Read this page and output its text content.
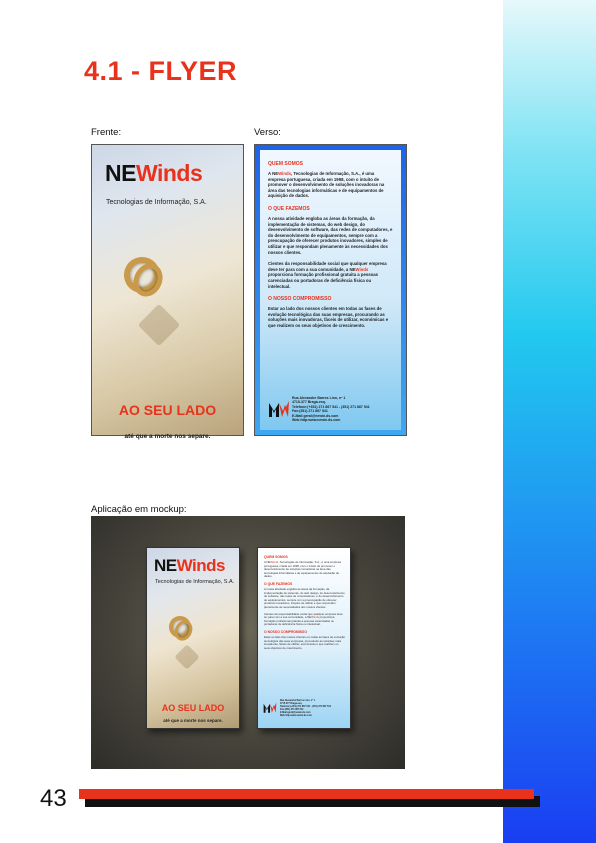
4.1 - FLYER
Frente:	Verso:
NEWinds
Tecnologias de Informação, S.A.
AO SEU LADO
até que a morte nos separe.
QUEM SOMOS
A NEWinds, Tecnologias de Informação, S.A., é uma empresa portuguesa, criada em 1998, com o intuito de promover o desenvolvimento de soluções inovadoras na área das tecnologias informáticas e de equipamentos de aquisição de dados.
O QUE FAZEMOS
A nossa atividade engloba as áreas da formação, da implementação de sistemas, do web design, do desenvolvimento de software, das redes de computadores, e do desenvolvimento de equipamentos, sempre com a preocupação de oferecer produtos inovadores, simples de utilizar e que respondam plenamente às necessidades dos nossos clientes.
Cientes da responsabilidade social que qualquer empresa deve ter para com a sua comunidade, a NEWinds proporciona formação profissional gratuita a pessoas carenciadas ou portadoras de deficiência física ou intelectual.
O NOSSO COMPROMISSO
Estar ao lado dos nossos clientes em todas as fases de evolução tecnológica das suas empresas, procurando as soluções mais inovadoras, fáceis de utilizar, económicas e que realizem os seus objetivos de crescimento.
Rua Alexandre Barros Lino, nº 1
4715-377 Braga-esq.
Telefone:(+351) 271 867 541 - (351) 271 867 541
Fax:(351) 271 867 541
E-Mail:geral@newin.ds.com
Web:http:www.newin.ds.com
Aplicação em mockup:
NEWinds
Tecnologias de Informação, S.A.
AO SEU LADO
até que a morte nos separe.
QUEM SOMOS
A NEWinds, Tecnologias de Informação, S.A., é uma empresa portuguesa, criada em 1998, com o intuito de promover o desenvolvimento de soluções inovadoras na área das tecnologias informáticas e de equipamentos de aquisição de dados.
O QUE FAZEMOS
A nossa atividade engloba as áreas da formação, da implementação de sistemas, do web design, do desenvolvimento de software, das redes de computadores, e do desenvolvimento de equipamentos, sempre com a preocupação de oferecer produtos inovadores, simples de utilizar e que respondam plenamente às necessidades dos nossos clientes.
Cientes da responsabilidade social que qualquer empresa deve ter para com a sua comunidade, a NEWinds proporciona formação profissional gratuita a pessoas carenciadas ou portadoras de deficiência física ou intelectual.
O NOSSO COMPROMISSO
Estar ao lado dos nossos clientes em todas as fases de evolução tecnológica das suas empresas, procurando as soluções mais inovadoras, fáceis de utilizar, económicas e que realizem os seus objetivos de crescimento.
Rua Alexandre Barros Lino, nº 1
4715-377 Braga-esq.
Telefone:(+351) 271 867 541 - (351) 271 867 541
Fax:(351) 271 867 541
E-Mail:geral@newin.ds.com
Web:http:www.newin.ds.com
43
